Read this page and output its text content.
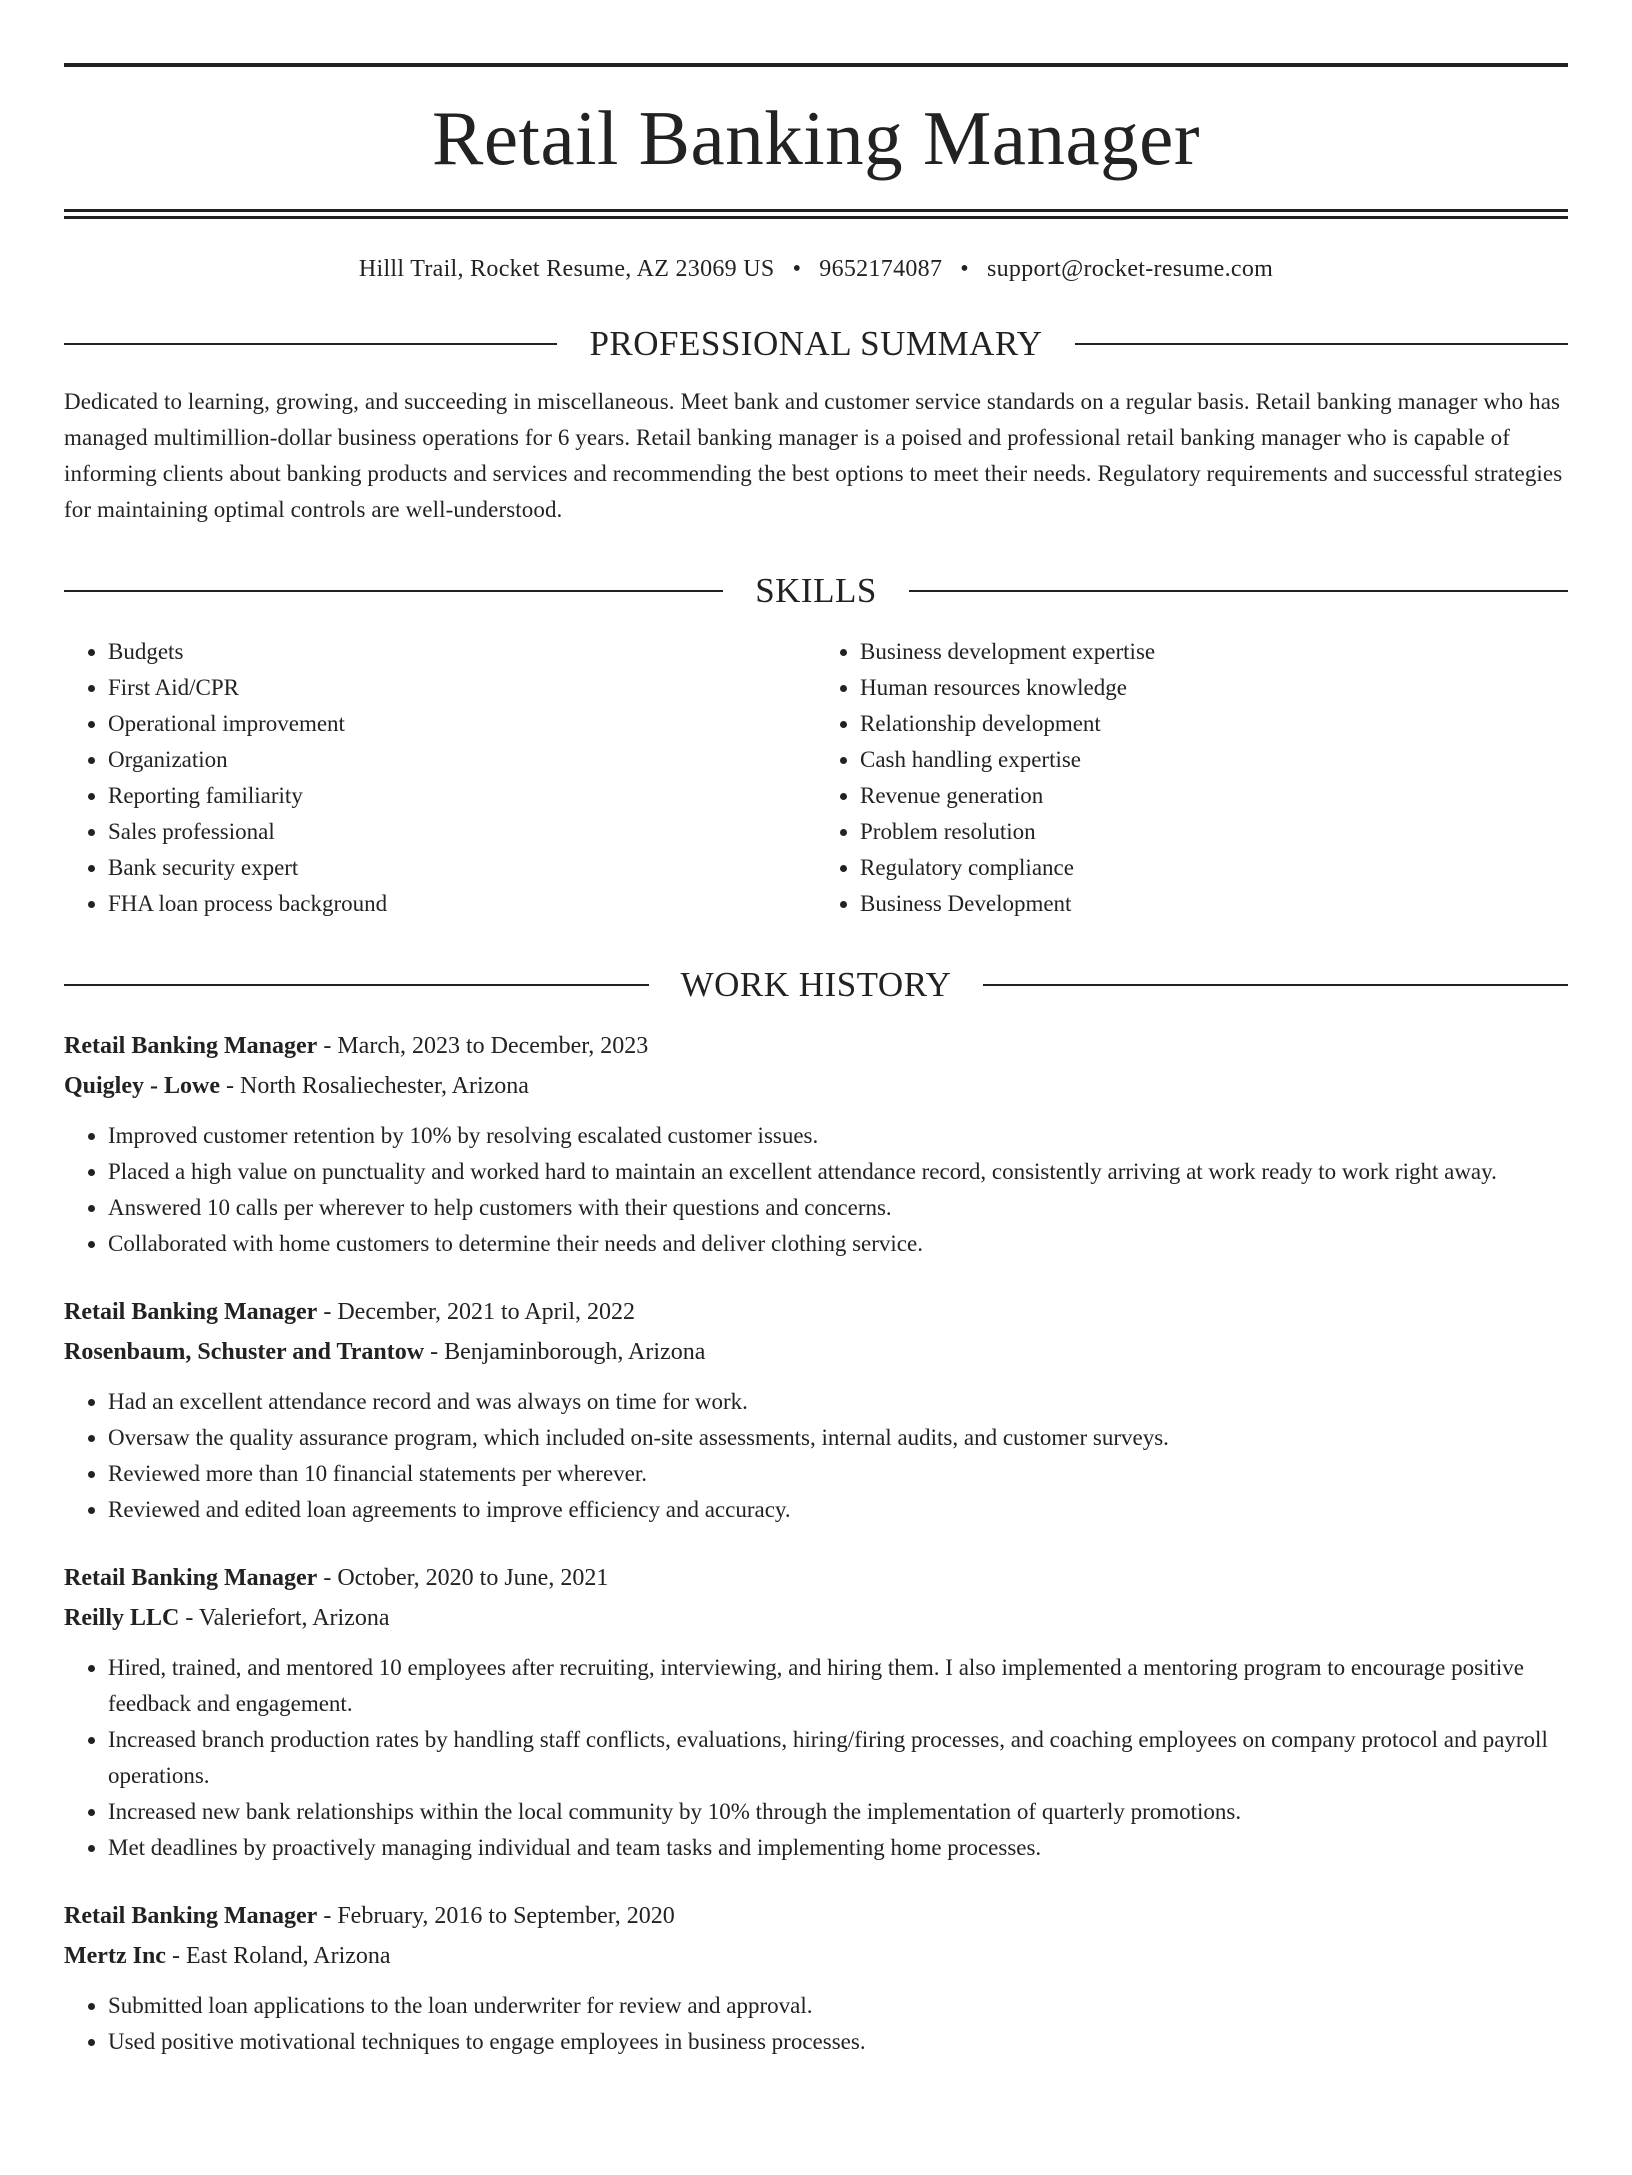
Retail Banking Manager
Hilll Trail, Rocket Resume, AZ 23069 US • 9652174087 • support@rocket-resume.com
PROFESSIONAL SUMMARY
Dedicated to learning, growing, and succeeding in miscellaneous. Meet bank and customer service standards on a regular basis. Retail banking manager who has managed multimillion-dollar business operations for 6 years. Retail banking manager is a poised and professional retail banking manager who is capable of informing clients about banking products and services and recommending the best options to meet their needs. Regulatory requirements and successful strategies for maintaining optimal controls are well-understood.
SKILLS
• Budgets
• First Aid/CPR
• Operational improvement
• Organization
• Reporting familiarity
• Sales professional
• Bank security expert
• FHA loan process background
• Business development expertise
• Human resources knowledge
• Relationship development
• Cash handling expertise
• Revenue generation
• Problem resolution
• Regulatory compliance
• Business Development
WORK HISTORY
Retail Banking Manager - March, 2023 to December, 2023
Quigley - Lowe - North Rosaliechester, Arizona
• Improved customer retention by 10% by resolving escalated customer issues.
• Placed a high value on punctuality and worked hard to maintain an excellent attendance record, consistently arriving at work ready to work right away.
• Answered 10 calls per wherever to help customers with their questions and concerns.
• Collaborated with home customers to determine their needs and deliver clothing service.
Retail Banking Manager - December, 2021 to April, 2022
Rosenbaum, Schuster and Trantow - Benjaminborough, Arizona
• Had an excellent attendance record and was always on time for work.
• Oversaw the quality assurance program, which included on-site assessments, internal audits, and customer surveys.
• Reviewed more than 10 financial statements per wherever.
• Reviewed and edited loan agreements to improve efficiency and accuracy.
Retail Banking Manager - October, 2020 to June, 2021
Reilly LLC - Valeriefort, Arizona
• Hired, trained, and mentored 10 employees after recruiting, interviewing, and hiring them. I also implemented a mentoring program to encourage positive feedback and engagement.
• Increased branch production rates by handling staff conflicts, evaluations, hiring/firing processes, and coaching employees on company protocol and payroll operations.
• Increased new bank relationships within the local community by 10% through the implementation of quarterly promotions.
• Met deadlines by proactively managing individual and team tasks and implementing home processes.
Retail Banking Manager - February, 2016 to September, 2020
Mertz Inc - East Roland, Arizona
• Submitted loan applications to the loan underwriter for review and approval.
• Used positive motivational techniques to engage employees in business processes.
